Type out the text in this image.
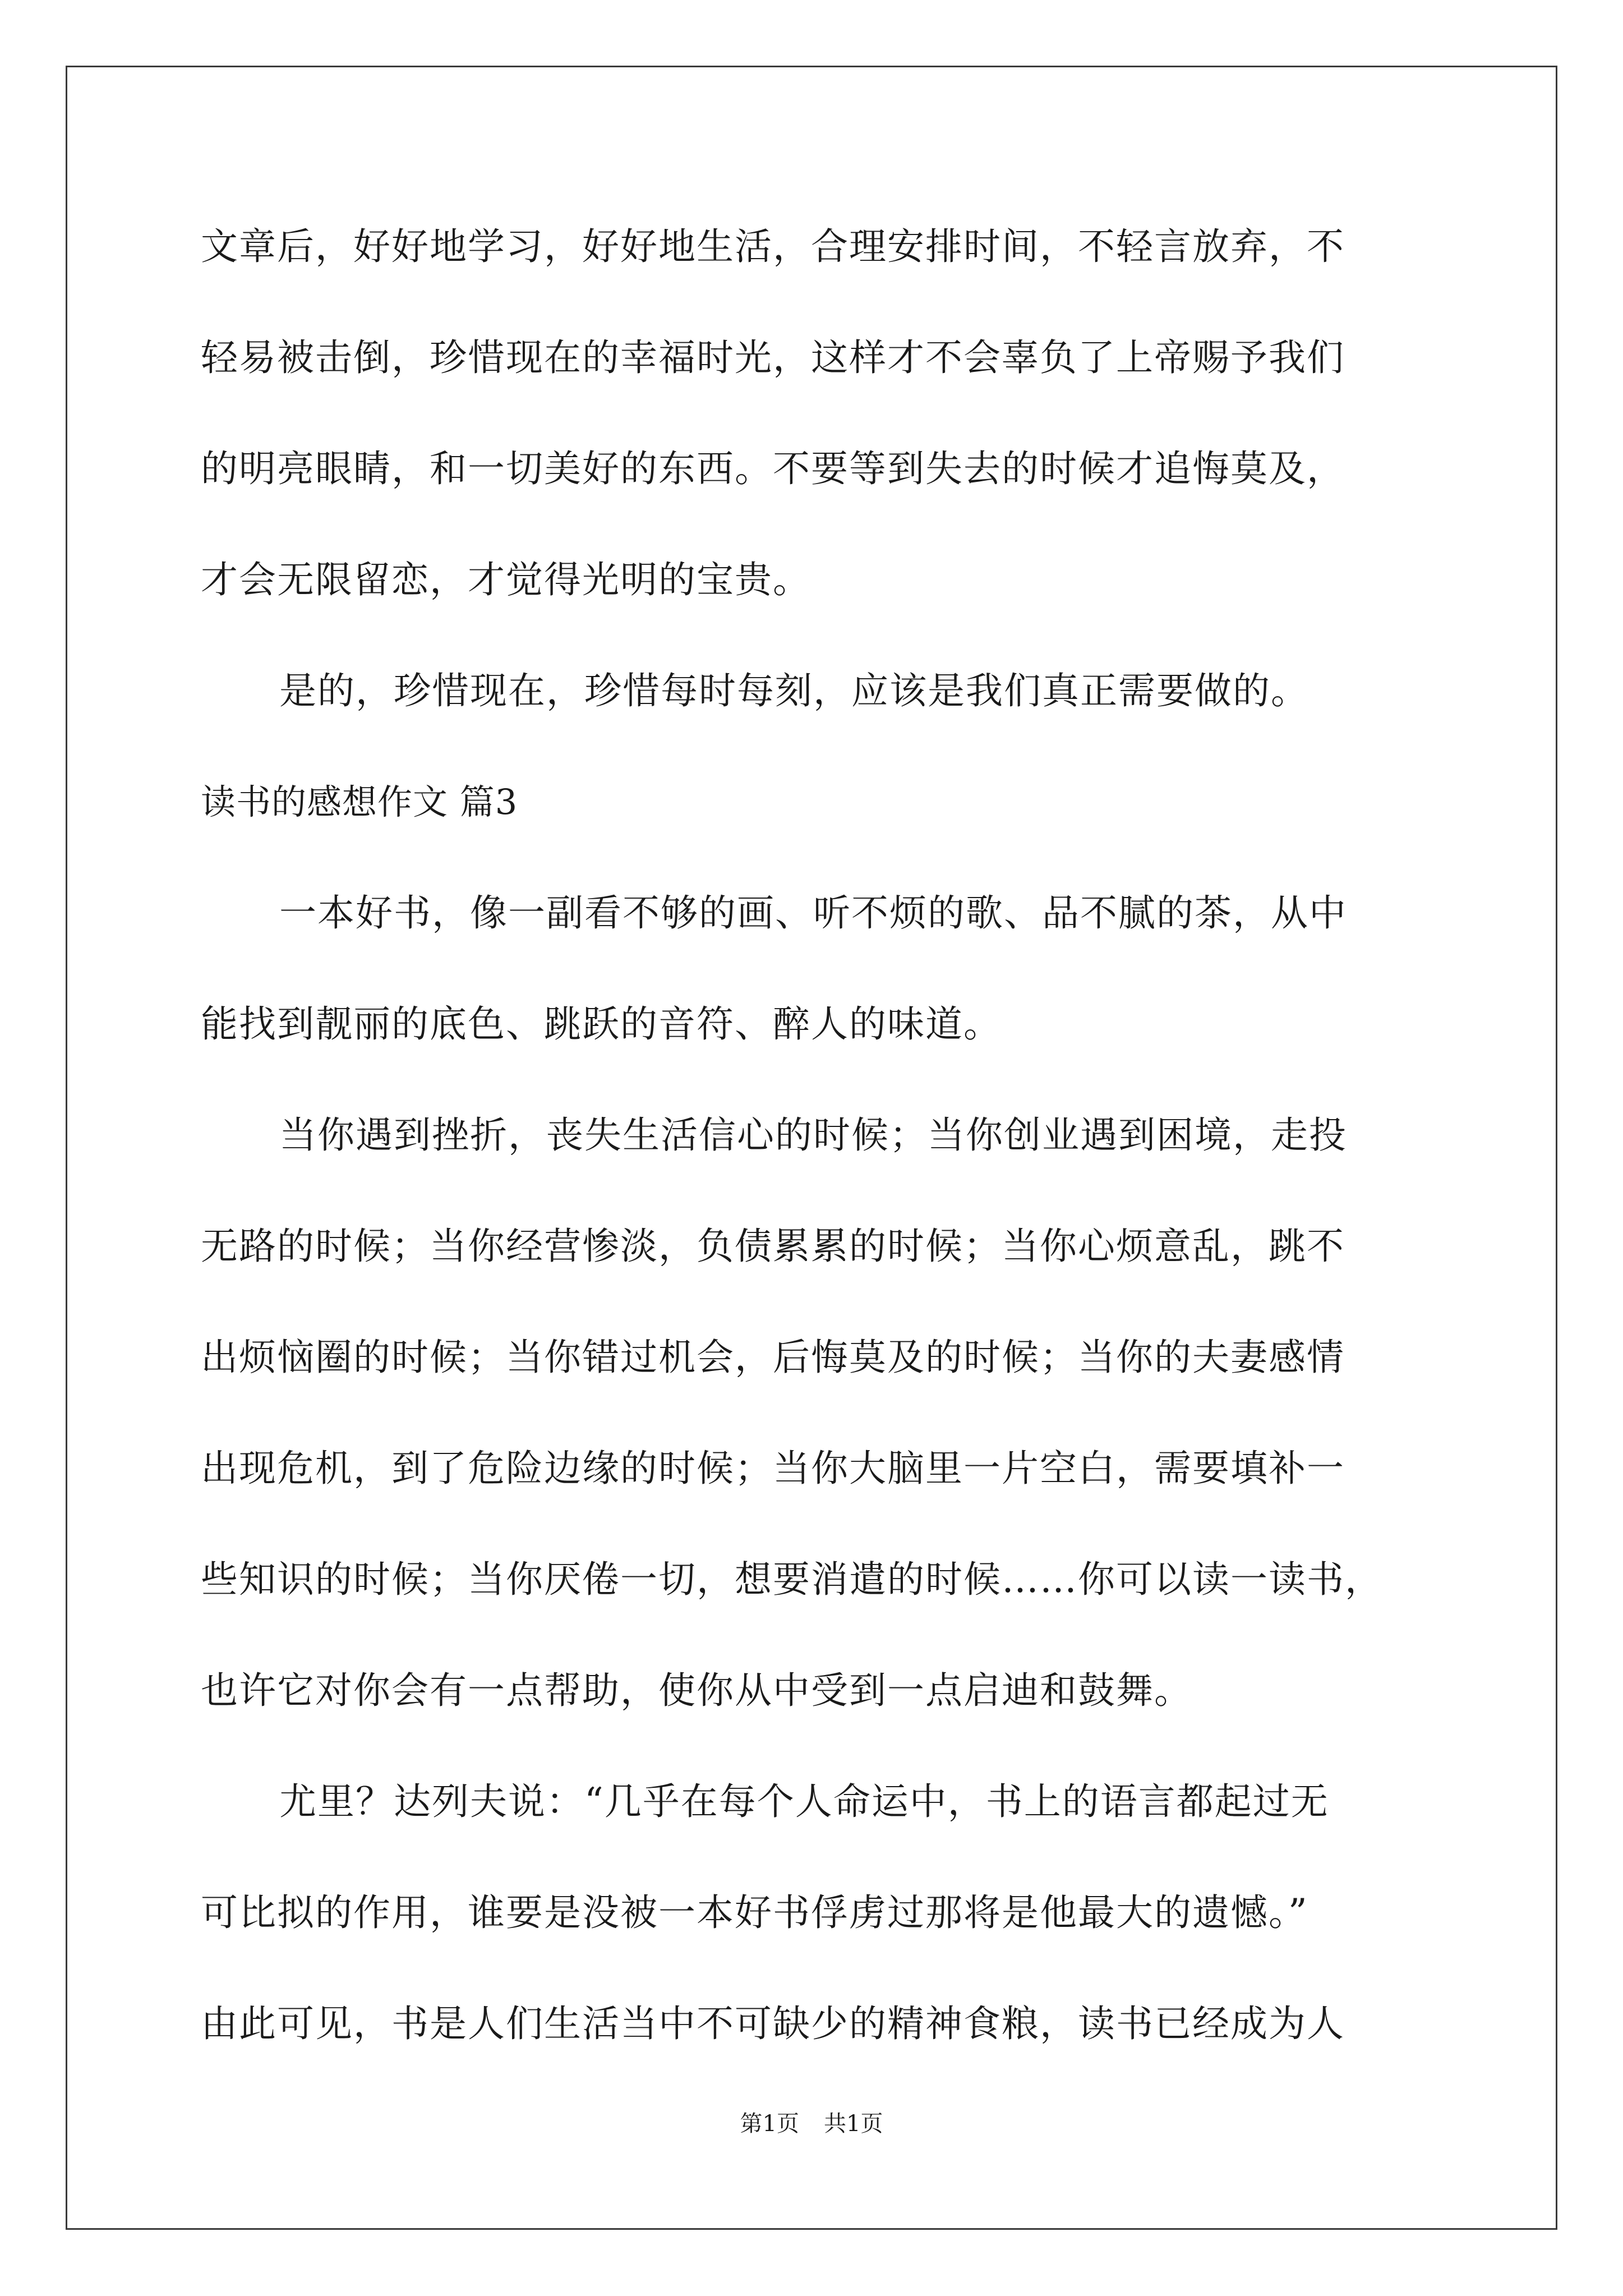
文章后，好好地学习，好好地生活，合理安排时间，不轻言放弃，不
轻易被击倒，珍惜现在的幸福时光，这样才不会辜负了上帝赐予我们
的明亮眼睛，和一切美好的东西。不要等到失去的时候才追悔莫及，
才会无限留恋，才觉得光明的宝贵。
是的，珍惜现在，珍惜每时每刻，应该是我们真正需要做的。
读书的感想作文 篇3
一本好书，像一副看不够的画、听不烦的歌、品不腻的茶，从中
能找到靓丽的底色、跳跃的音符、醉人的味道。
当你遇到挫折，丧失生活信心的时候；当你创业遇到困境，走投
无路的时候；当你经营惨淡，负债累累的时候；当你心烦意乱，跳不
出烦恼圈的时候；当你错过机会，后悔莫及的时候；当你的夫妻感情
出现危机，到了危险边缘的时候；当你大脑里一片空白，需要填补一
些知识的时候；当你厌倦一切，想要消遣的时候……你可以读一读书，
也许它对你会有一点帮助，使你从中受到一点启迪和鼓舞。
尤里？达列夫说：“几乎在每个人命运中，书上的语言都起过无
可比拟的作用，谁要是没被一本好书俘虏过那将是他最大的遗憾。”
由此可见，书是人们生活当中不可缺少的精神食粮，读书已经成为人
第1页 共1页
